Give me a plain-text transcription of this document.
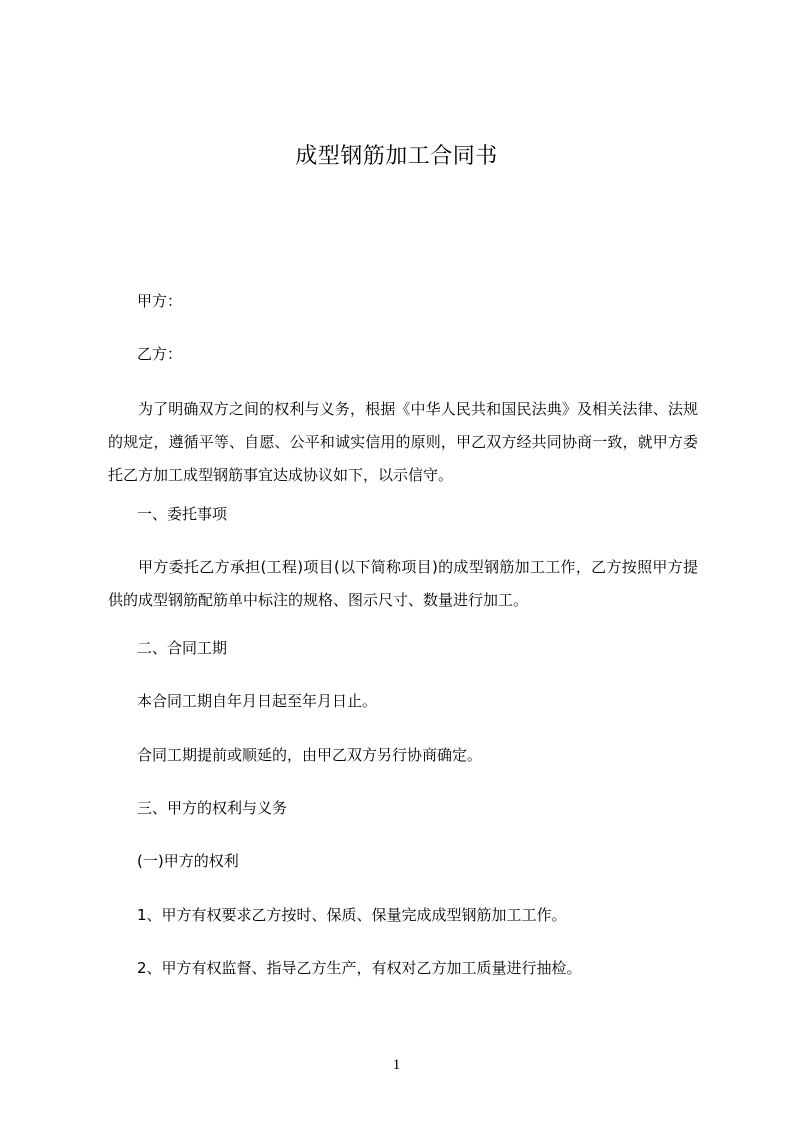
成型钢筋加工合同书
甲方：
乙方：
为了明确双方之间的权利与义务，根据《中华人民共和国民法典》及相关法律、法规的规定，遵循平等、自愿、公平和诚实信用的原则，甲乙双方经共同协商一致，就甲方委托乙方加工成型钢筋事宜达成协议如下，以示信守。
一、委托事项
甲方委托乙方承担(工程)项目(以下简称项目)的成型钢筋加工工作，乙方按照甲方提供的成型钢筋配筋单中标注的规格、图示尺寸、数量进行加工。
二、合同工期
本合同工期自年月日起至年月日止。
合同工期提前或顺延的，由甲乙双方另行协商确定。
三、甲方的权利与义务
(一)甲方的权利
1、甲方有权要求乙方按时、保质、保量完成成型钢筋加工工作。
2、甲方有权监督、指导乙方生产，有权对乙方加工质量进行抽检。
1
